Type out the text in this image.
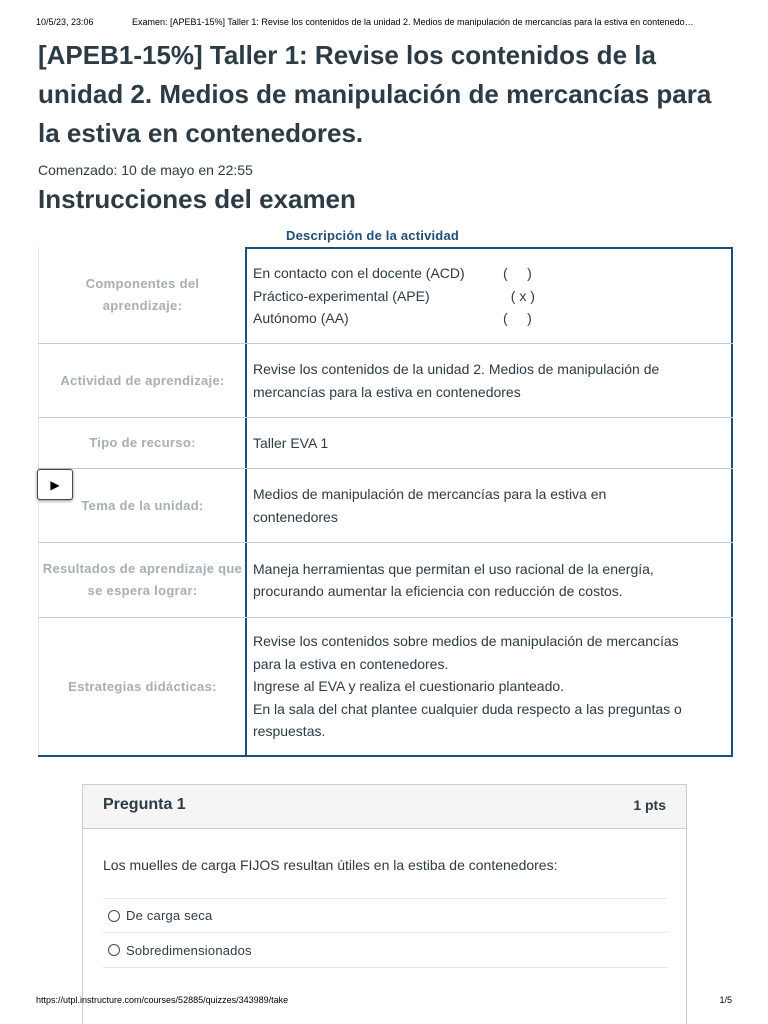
10/5/23, 23:06	Examen: [APEB1-15%] Taller 1: Revise los contenidos de la unidad 2. Medios de manipulación de mercancías para la estiva en contenedo…
[APEB1-15%] Taller 1: Revise los contenidos de la unidad 2. Medios de manipulación de mercancías para la estiva en contenedores.
Comenzado: 10 de mayo en 22:55
Instrucciones del examen
Descripción de la actividad
Componentes del aprendizaje:
En contacto con el docente (ACD)	(     )
Práctico-experimental (APE)	( x )
Autónomo (AA)	(     )
Actividad de aprendizaje:
Revise los contenidos de la unidad 2. Medios de manipulación de
mercancías para la estiva en contenedores
Tipo de recurso:	Taller EVA 1
Tema de la unidad:
Medios de manipulación de mercancías para la estiva en
contenedores
Resultados de aprendizaje que se espera lograr:
Maneja herramientas que permitan el uso racional de la energía,
procurando aumentar la eficiencia con reducción de costos.
Estrategias didácticas:
Revise los contenidos sobre medios de manipulación de mercancías
para la estiva en contenedores.
Ingrese al EVA y realiza el cuestionario planteado.
En la sala del chat plantee cualquier duda respecto a las preguntas o
respuestas.
▶
Pregunta 1	1 pts
Los muelles de carga FIJOS resultan útiles en la estiba de contenedores:
De carga seca
Sobredimensionados
https://utpl.instructure.com/courses/52885/quizzes/343989/take	1/5
